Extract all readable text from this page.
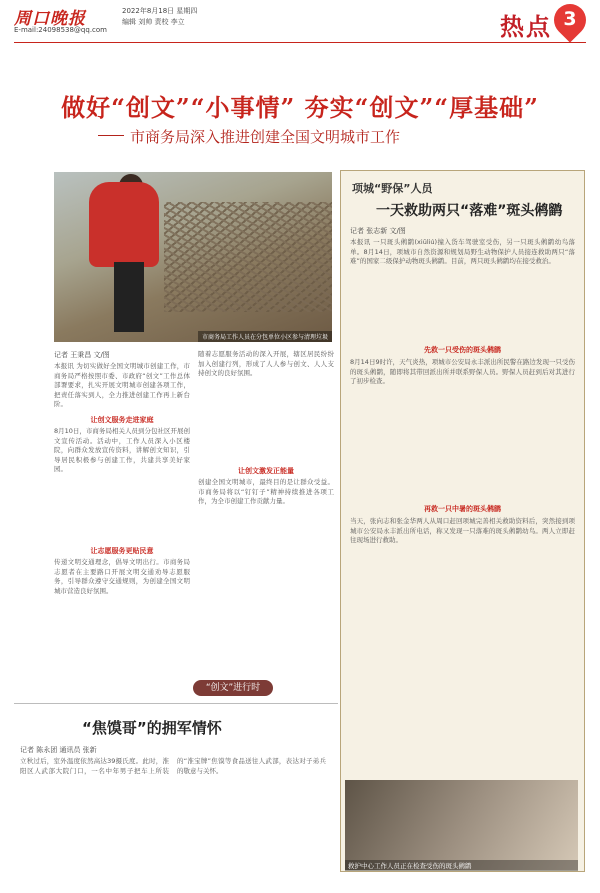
周口晚报
E-mail:24098538@qq.com
2022年8月18日 星期四
编辑 刘帅 责校 李立	热点 3
做好“创文”“小事情” 夯实“创文”“厚基础”
市商务局深入推进创建全国文明城市工作
市商务局工作人员在分包单位小区参与清理垃圾
记者 王秉昌 文/图
本报讯 为切实做好全国文明城市创建工作，市商务局严格按照市委、市政府“创文”工作总体部署要求，扎实开展文明城市创建各项工作，把责任落实到人，全力推进创建工作再上新台阶。
让创文服务走进家庭
8月10日，市商务局相关人员到分包社区开展创文宣传活动。活动中，工作人员深入小区楼院，向群众发放宣传资料，讲解创文知识，引导居民积极参与创建工作，共建共享美好家园。
让志愿服务更贴民意
传递文明交通理念，倡导文明出行。市商务局志愿者在主要路口开展文明交通劝导志愿服务，引导群众遵守交通规则，为创建全国文明城市营造良好氛围。
随着志愿服务活动的深入开展，辖区居民纷纷加入创建行列，形成了人人参与创文、人人支持创文的良好氛围。
让创文激发正能量
创建全国文明城市，最终目的是让群众受益。市商务局将以“钉钉子”精神持续推进各项工作，为全市创建工作贡献力量。
“创文”进行时
项城“野保”人员
一天救助两只“落难”斑头鸺鹠
记者 张志新 文/图
本报讯 一只斑头鸺鹠(xiūliú)撞入货车驾驶室受伤，另一只斑头鸺鹠幼鸟落单。8月14日，项城市自然资源和规划局野生动物保护人员接连救助两只“落难”的国家二级保护动物斑头鸺鹠。目前，两只斑头鸺鹠均在接受救治。
先救一只受伤的斑头鸺鹠
8月14日9时许，天气炎热，项城市公安局永丰派出所民警在路边发现一只受伤的斑头鸺鹠，随即将其带回派出所并联系野保人员。野保人员赶到后对其进行了初步检查。
再救一只中暑的斑头鸺鹠
当天，张向志和张金华两人从周口赶回项城完善相关救助资料后，突然接到项城市公安局永丰派出所电话，称又发现一只落难的斑头鸺鹠幼鸟。两人立即赶往现场进行救助。
救护中心工作人员正在检查受伤的斑头鸺鹠
“焦馍哥”的拥军情怀
记者 陈永团 通讯员 张新
立秋过后，室外温度依然高达39摄氏度。此时，淮阳区人武部大院门口，一名中年男子把车上所装的“淮宝牌”焦馍等食品送往人武部，表达对子弟兵的敬意与关怀。
